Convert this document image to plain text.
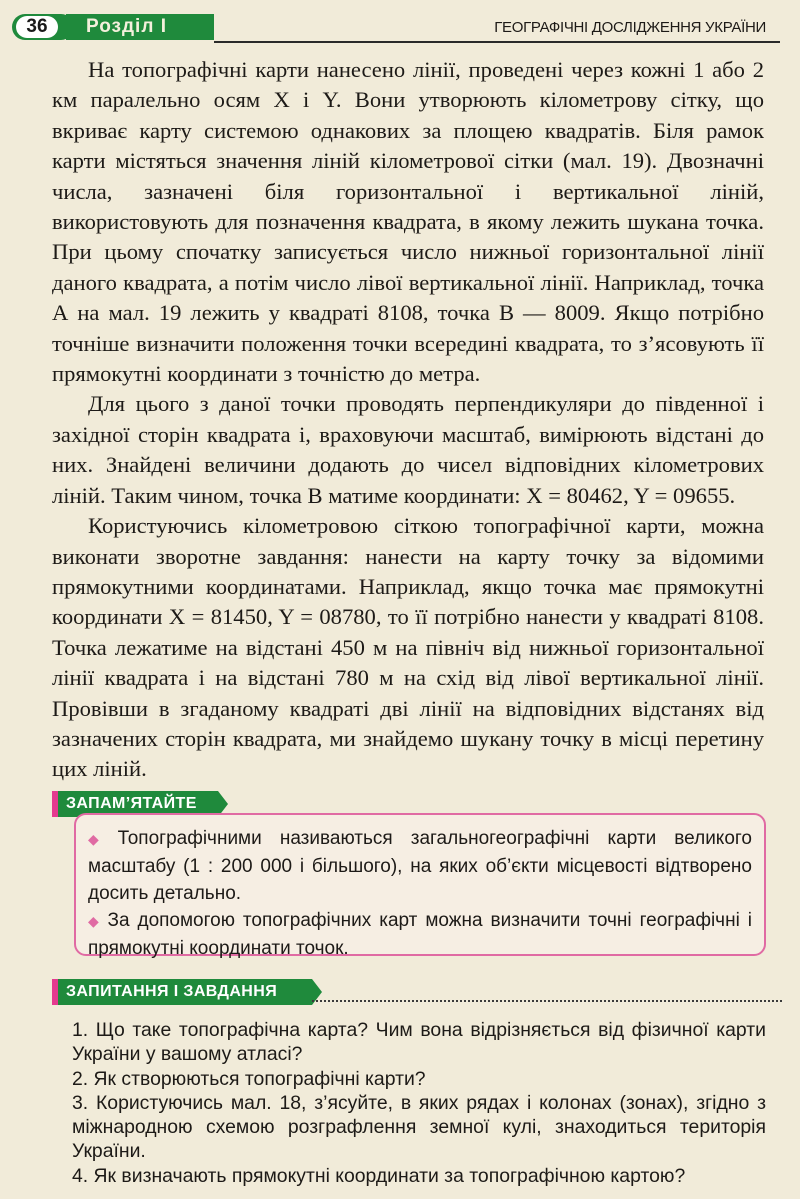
36	Розділ І	ГЕОГРАФІЧНІ ДОСЛІДЖЕННЯ УКРАЇНИ

На топографічні карти нанесено лінії, проведені через кожні 1 або 2 км паралельно осям X і Y. Вони утворюють кілометрову сітку, що вкриває карту системою однакових за площею квадратів. Біля рамок карти містяться значення ліній кілометрової сітки (мал. 19). Двозначні числа, зазначені біля горизонтальної і вертикальної ліній, використовують для позначення квадрата, в якому лежить шукана точка. При цьому спочатку записується число нижньої горизонтальної лінії даного квадрата, а потім число лівої вертикальної лінії. Наприклад, точка А на мал. 19 лежить у квадраті 8108, точка В — 8009. Якщо потрібно точніше визначити положення точки всередині квадрата, то з’ясовують її прямокутні координати з точністю до метра.

Для цього з даної точки проводять перпендикуляри до південної і західної сторін квадрата і, враховуючи масштаб, вимірюють відстані до них. Знайдені величини додають до чисел відповідних кілометрових ліній. Таким чином, точка В матиме координати: X = 80462, Y = 09655.

Користуючись кілометровою сіткою топографічної карти, можна виконати зворотне завдання: нанести на карту точку за відомими прямокутними координатами. Наприклад, якщо точка має прямокутні координати X = 81450, Y = 08780, то її потрібно нанести у квадраті 8108. Точка лежатиме на відстані 450 м на північ від нижньої горизонтальної лінії квадрата і на відстані 780 м на схід від лівої вертикальної лінії. Провівши в згаданому квадраті дві лінії на відповідних відстанях від зазначених сторін квадрата, ми знайдемо шукану точку в місці перетину цих ліній.

ЗАПАМ’ЯТАЙТЕ

◆ Топографічними називаються загальногеографічні карти великого масштабу (1 : 200 000 і більшого), на яких об’єкти місцевості відтворено досить детально.

◆ За допомогою топографічних карт можна визначити точні географічні і прямокутні координати точок.

ЗАПИТАННЯ І ЗАВДАННЯ

1. Що таке топографічна карта? Чим вона відрізняється від фізичної карти України у вашому атласі?

2. Як створюються топографічні карти?

3. Користуючись мал. 18, з’ясуйте, в яких рядах і колонах (зонах), згідно з міжнародною схемою розграфлення земної кулі, знаходиться територія України.

4. Як визначають прямокутні координати за топографічною картою?
